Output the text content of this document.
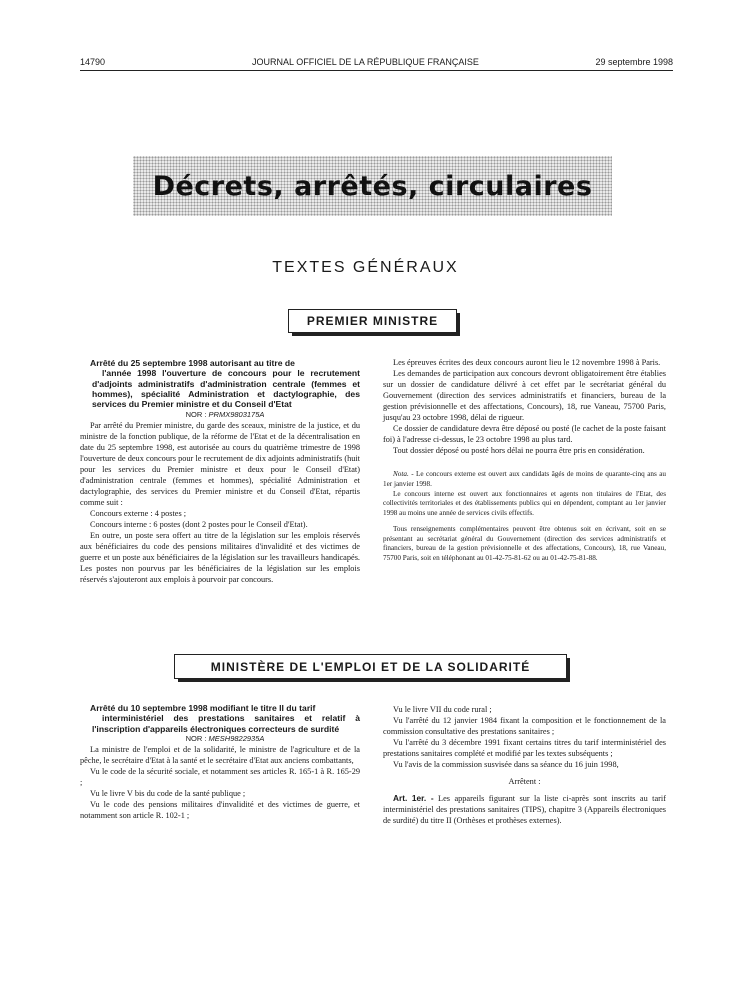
14790	JOURNAL OFFICIEL DE LA RÉPUBLIQUE FRANÇAISE	29 septembre 1998
Décrets, arrêtés, circulaires
TEXTES GÉNÉRAUX
PREMIER MINISTRE

Arrêté du 25 septembre 1998 autorisant au titre de
l'année 1998 l'ouverture de concours pour le recrutement d'adjoints administratifs d'administration centrale (femmes et hommes), spécialité Administration et dactylographie, des services du Premier ministre et du Conseil d'Etat

NOR : PRMX9803175A

Par arrêté du Premier ministre, du garde des sceaux, ministre de la justice, et du ministre de la fonction publique, de la réforme de l'Etat et de la décentralisation en date du 25 septembre 1998, est autorisée au cours du quatrième trimestre de 1998 l'ouverture de deux concours pour le recrutement de dix adjoints administratifs (huit pour les services du Premier ministre et deux pour le Conseil d'Etat) d'administration centrale (femmes et hommes), spécialité Administration et dactylographie, des services du Premier ministre et du Conseil d'Etat, répartis comme suit :

Concours externe : 4 postes ;

Concours interne : 6 postes (dont 2 postes pour le Conseil d'Etat).

En outre, un poste sera offert au titre de la législation sur les emplois réservés aux bénéficiaires du code des pensions militaires d'invalidité et des victimes de guerre et un poste aux bénéficiaires de la législation sur les travailleurs handicapés. Les postes non pourvus par les bénéficiaires de la législation sur les emplois réservés s'ajouteront aux emplois à pourvoir par concours.

Les épreuves écrites des deux concours auront lieu le 12 novembre 1998 à Paris.

Les demandes de participation aux concours devront obligatoirement être établies sur un dossier de candidature délivré à cet effet par le secrétariat général du Gouvernement (direction des services administratifs et financiers, bureau de la gestion prévisionnelle et des affectations, Concours), 18, rue Vaneau, 75700 Paris, jusqu'au 23 octobre 1998, délai de rigueur.

Ce dossier de candidature devra être déposé ou posté (le cachet de la poste faisant foi) à l'adresse ci-dessus, le 23 octobre 1998 au plus tard.

Tout dossier déposé ou posté hors délai ne pourra être pris en considération.

Nota. - Le concours externe est ouvert aux candidats âgés de moins de quarante-cinq ans au 1er janvier 1998.

Le concours interne est ouvert aux fonctionnaires et agents non titulaires de l'Etat, des collectivités territoriales et des établissements publics qui en dépendent, comptant au 1er janvier 1998 au moins une année de services civils effectifs.

Tous renseignements complémentaires peuvent être obtenus soit en écrivant, soit en se présentant au secrétariat général du Gouvernement (direction des services administratifs et financiers, bureau de la gestion prévisionnelle et des affectations, Concours), 18, rue Vaneau, 75700 Paris, soit en téléphonant au 01-42-75-81-62 ou au 01-42-75-81-88.

MINISTÈRE DE L'EMPLOI ET DE LA SOLIDARITÉ

Arrêté du 10 septembre 1998 modifiant le titre II du tarif
interministériel des prestations sanitaires et relatif à l'inscription d'appareils électroniques correcteurs de surdité

NOR : MESH9822935A

La ministre de l'emploi et de la solidarité, le ministre de l'agriculture et de la pêche, le secrétaire d'Etat à la santé et le secrétaire d'Etat aux anciens combattants,

Vu le code de la sécurité sociale, et notamment ses articles R. 165-1 à R. 165-29 ;

Vu le livre V bis du code de la santé publique ;

Vu le code des pensions militaires d'invalidité et des victimes de guerre, et notamment son article R. 102-1 ;

Vu le livre VII du code rural ;

Vu l'arrêté du 12 janvier 1984 fixant la composition et le fonctionnement de la commission consultative des prestations sanitaires ;

Vu l'arrêté du 3 décembre 1991 fixant certains titres du tarif interministériel des prestations sanitaires complété et modifié par les textes subséquents ;

Vu l'avis de la commission susvisée dans sa séance du 16 juin 1998,

Arrêtent :

Art. 1er. - Les appareils figurant sur la liste ci-après sont inscrits au tarif interministériel des prestations sanitaires (TIPS), chapitre 3 (Appareils électroniques de surdité) du titre II (Orthèses et prothèses externes).
